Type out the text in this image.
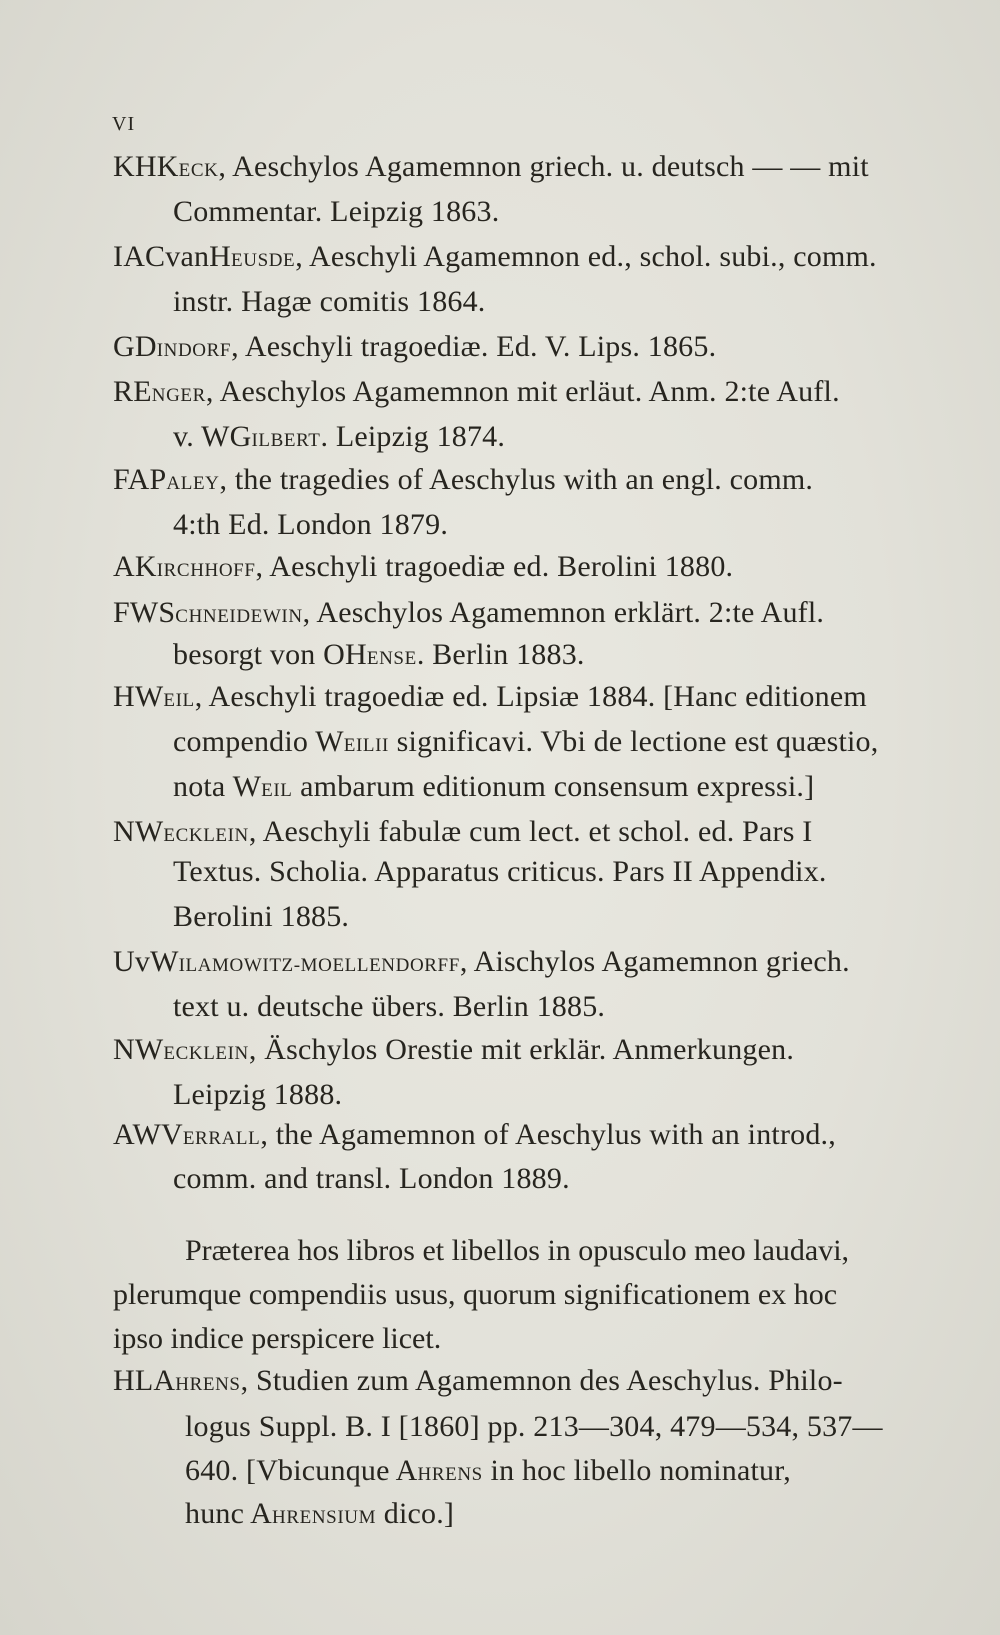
VI
KHKECK, Aeschylos Agamemnon griech. u. deutsch — — mit
Commentar. Leipzig 1863.
IACvanHEUSDE, Aeschyli Agamemnon ed., schol. subi., comm.
instr. Hagæ comitis 1864.
GDINDORF, Aeschyli tragoediæ. Ed. V. Lips. 1865.
RENGER, Aeschylos Agamemnon mit erläut. Anm. 2:te Aufl.
v. WGILBERT. Leipzig 1874.
FAPALEY, the tragedies of Aeschylus with an engl. comm.
4:th Ed. London 1879.
AKIRCHHOFF, Aeschyli tragoediæ ed. Berolini 1880.
FWSCHNEIDEWIN, Aeschylos Agamemnon erklärt. 2:te Aufl.
besorgt von OHENSE. Berlin 1883.
HWEIL, Aeschyli tragoediæ ed. Lipsiæ 1884. [Hanc editionem
compendio WEILII significavi. Vbi de lectione est quæstio,
nota WEIL ambarum editionum consensum expressi.]
NWECKLEIN, Aeschyli fabulæ cum lect. et schol. ed. Pars I
Textus. Scholia. Apparatus criticus. Pars II Appendix.
Berolini 1885.
UvWILAMOWITZ-MOELLENDORFF, Aischylos Agamemnon griech.
text u. deutsche übers. Berlin 1885.
NWECKLEIN, Äschylos Orestie mit erklär. Anmerkungen.
Leipzig 1888.
AWVERRALL, the Agamemnon of Aeschylus with an introd.,
comm. and transl. London 1889.
Præterea hos libros et libellos in opusculo meo laudavi,
plerumque compendiis usus, quorum significationem ex hoc
ipso indice perspicere licet.
HLAHRENS, Studien zum Agamemnon des Aeschylus. Philo-
logus Suppl. B. I [1860] pp. 213—304, 479—534, 537—
640. [Vbicunque AHRENS in hoc libello nominatur,
hunc AHRENSIUM dico.]
